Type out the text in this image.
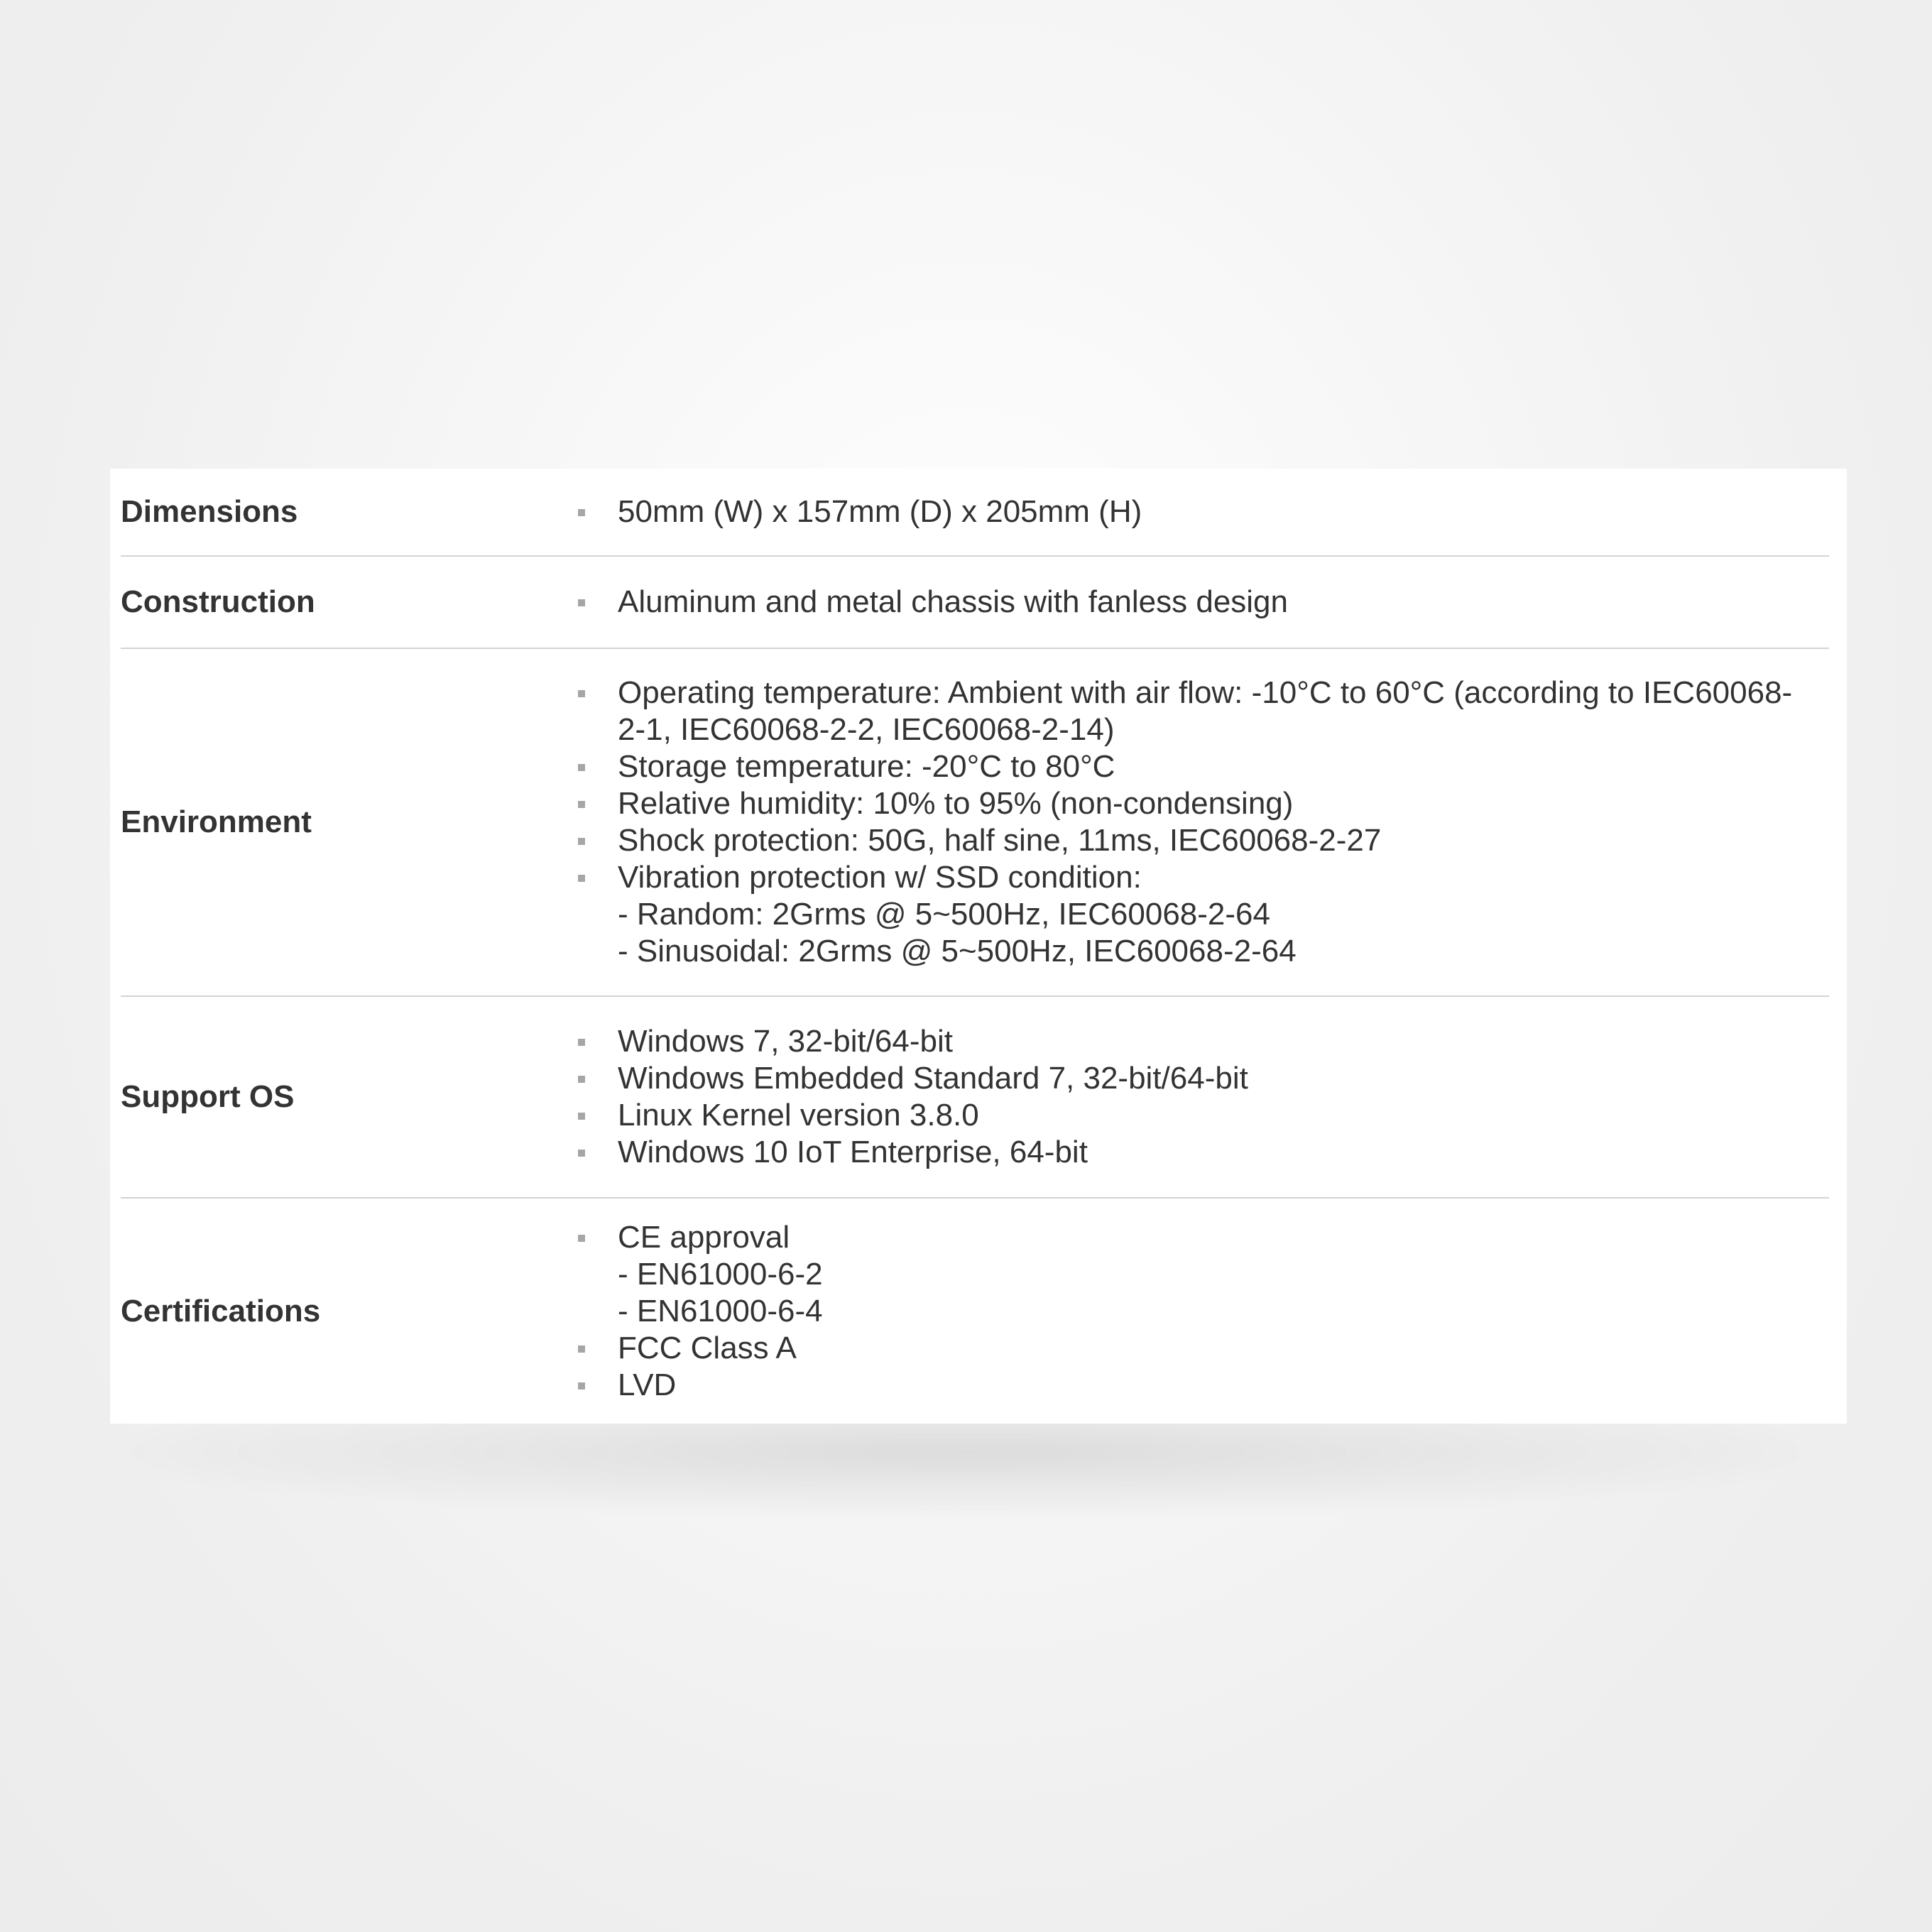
Dimensions	50mm (W) x 157mm (D) x 205mm (H)
Construction	Aluminum and metal chassis with fanless design
Environment
Operating temperature: Ambient with air flow: -10°C to 60°C (according to IEC60068-
2-1, IEC60068-2-2, IEC60068-2-14)
Storage temperature: -20°C to 80°C
Relative humidity: 10% to 95% (non-condensing)
Shock protection: 50G, half sine, 11ms, IEC60068-2-27
Vibration protection w/ SSD condition:
- Random: 2Grms @ 5~500Hz, IEC60068-2-64
- Sinusoidal: 2Grms @ 5~500Hz, IEC60068-2-64
Support OS
Windows 7, 32-bit/64-bit
Windows Embedded Standard 7, 32-bit/64-bit
Linux Kernel version 3.8.0
Windows 10 IoT Enterprise, 64-bit
Certifications
CE approval
- EN61000-6-2
- EN61000-6-4
FCC Class A
LVD
